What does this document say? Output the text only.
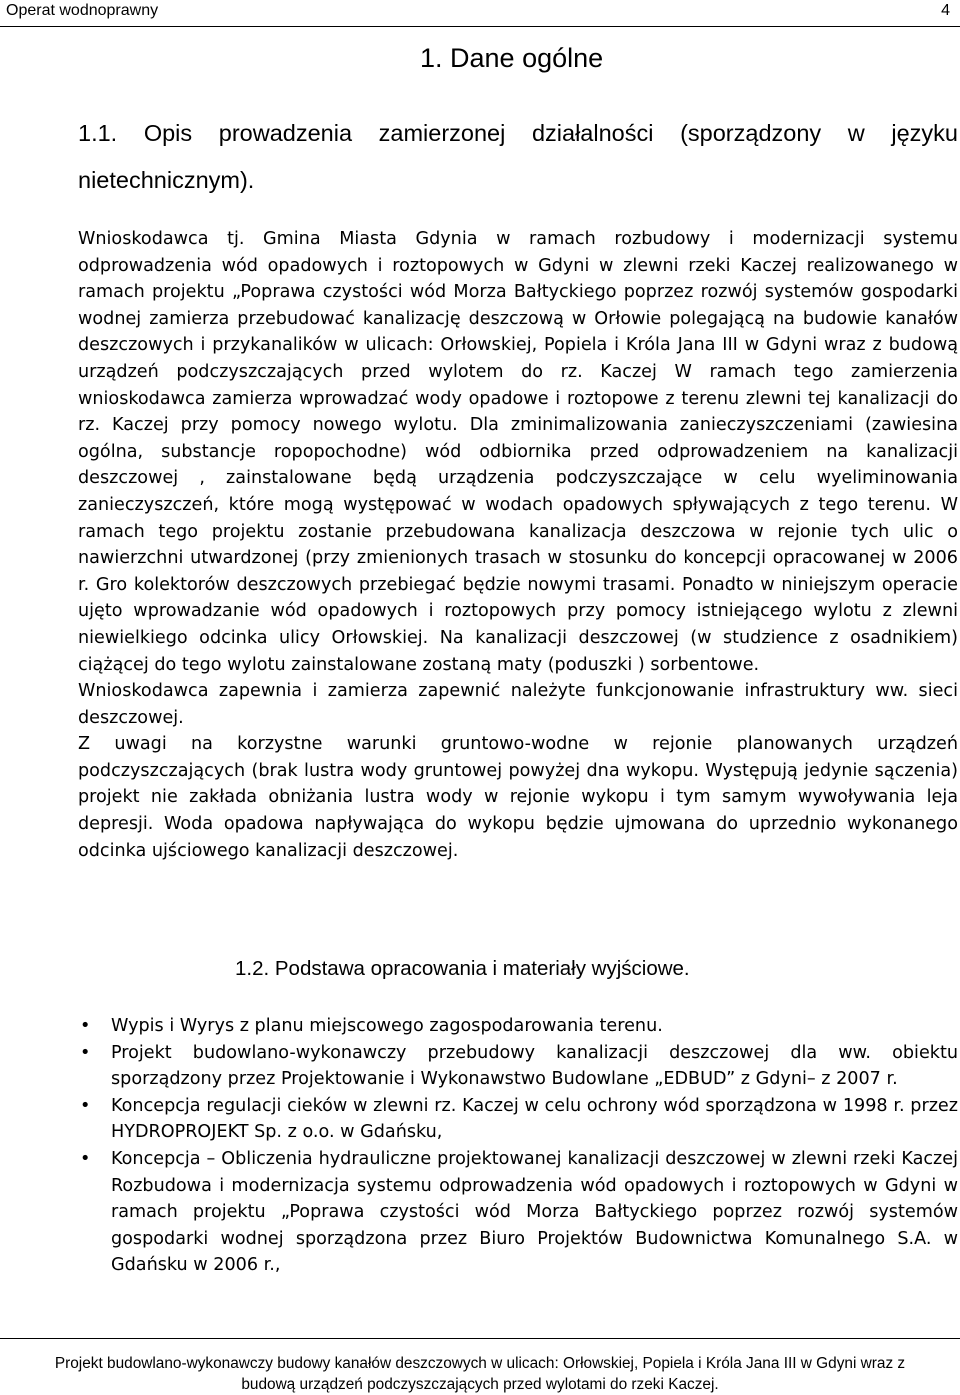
Operat wodnoprawny	4
1. Dane ogólne
1.1. Opis prowadzenia zamierzonej działalności (sporządzony w języku nietechnicznym).

Wnioskodawca tj. Gmina Miasta Gdynia w ramach rozbudowy i modernizacji systemu odprowadzenia wód opadowych i roztopowych w Gdyni w zlewni rzeki Kaczej realizowanego w ramach projektu „Poprawa czystości wód Morza Bałtyckiego poprzez rozwój systemów gospodarki wodnej zamierza przebudować kanalizację deszczową w Orłowie polegającą na budowie kanałów deszczowych i przykanalików w ulicach: Orłowskiej, Popiela i Króla Jana III w Gdyni wraz z budową urządzeń podczyszczających przed wylotem do rz. Kaczej W ramach tego zamierzenia wnioskodawca zamierza wprowadzać wody opadowe i roztopowe z terenu zlewni tej kanalizacji do rz. Kaczej przy pomocy nowego wylotu. Dla zminimalizowania zanieczyszczeniami (zawiesina ogólna, substancje ropopochodne) wód odbiornika przed odprowadzeniem na kanalizacji deszczowej , zainstalowane będą urządzenia podczyszczające w celu wyeliminowania zanieczyszczeń, które mogą występować w wodach opadowych spływających z tego terenu. W ramach tego projektu zostanie przebudowana kanalizacja deszczowa w rejonie tych ulic o nawierzchni utwardzonej (przy zmienionych trasach w stosunku do koncepcji opracowanej w 2006 r. Gro kolektorów deszczowych przebiegać będzie nowymi trasami. Ponadto w niniejszym operacie ujęto wprowadzanie wód opadowych i roztopowych przy pomocy istniejącego wylotu z zlewni niewielkiego odcinka ulicy Orłowskiej. Na kanalizacji deszczowej (w studzience z osadnikiem) ciążącej do tego wylotu zainstalowane zostaną maty (poduszki ) sorbentowe.

Wnioskodawca zapewnia i zamierza zapewnić należyte funkcjonowanie infrastruktury ww. sieci deszczowej.

Z uwagi na korzystne warunki gruntowo-wodne w rejonie planowanych urządzeń podczyszczających (brak lustra wody gruntowej powyżej dna wykopu. Występują jedynie sączenia) projekt nie zakłada obniżania lustra wody w rejonie wykopu i tym samym wywoływania leja depresji. Woda opadowa napływająca do wykopu będzie ujmowana do uprzednio wykonanego odcinka ujściowego kanalizacji deszczowej.

1.2. Podstawa opracowania i materiały wyjściowe.
• Wypis i Wyrys z planu miejscowego zagospodarowania terenu.
• Projekt budowlano-wykonawczy przebudowy kanalizacji deszczowej dla ww. obiektu sporządzony przez Projektowanie i Wykonawstwo Budowlane „EDBUD” z Gdyni– z 2007 r.
• Koncepcja regulacji cieków w zlewni rz. Kaczej w celu ochrony wód sporządzona w 1998 r. przez HYDROPROJEKT Sp. z o.o. w Gdańsku,
• Koncepcja – Obliczenia hydrauliczne projektowanej kanalizacji deszczowej w zlewni rzeki Kaczej Rozbudowa i modernizacja systemu odprowadzenia wód opadowych i roztopowych w Gdyni w ramach projektu „Poprawa czystości wód Morza Bałtyckiego poprzez rozwój systemów gospodarki wodnej sporządzona przez Biuro Projektów Budownictwa Komunalnego S.A. w Gdańsku w 2006 r.,
Projekt budowlano-wykonawczy budowy kanałów deszczowych w ulicach: Orłowskiej, Popiela i Króla Jana III w Gdyni wraz z
budową urządzeń podczyszczających przed wylotami do rzeki Kaczej.
